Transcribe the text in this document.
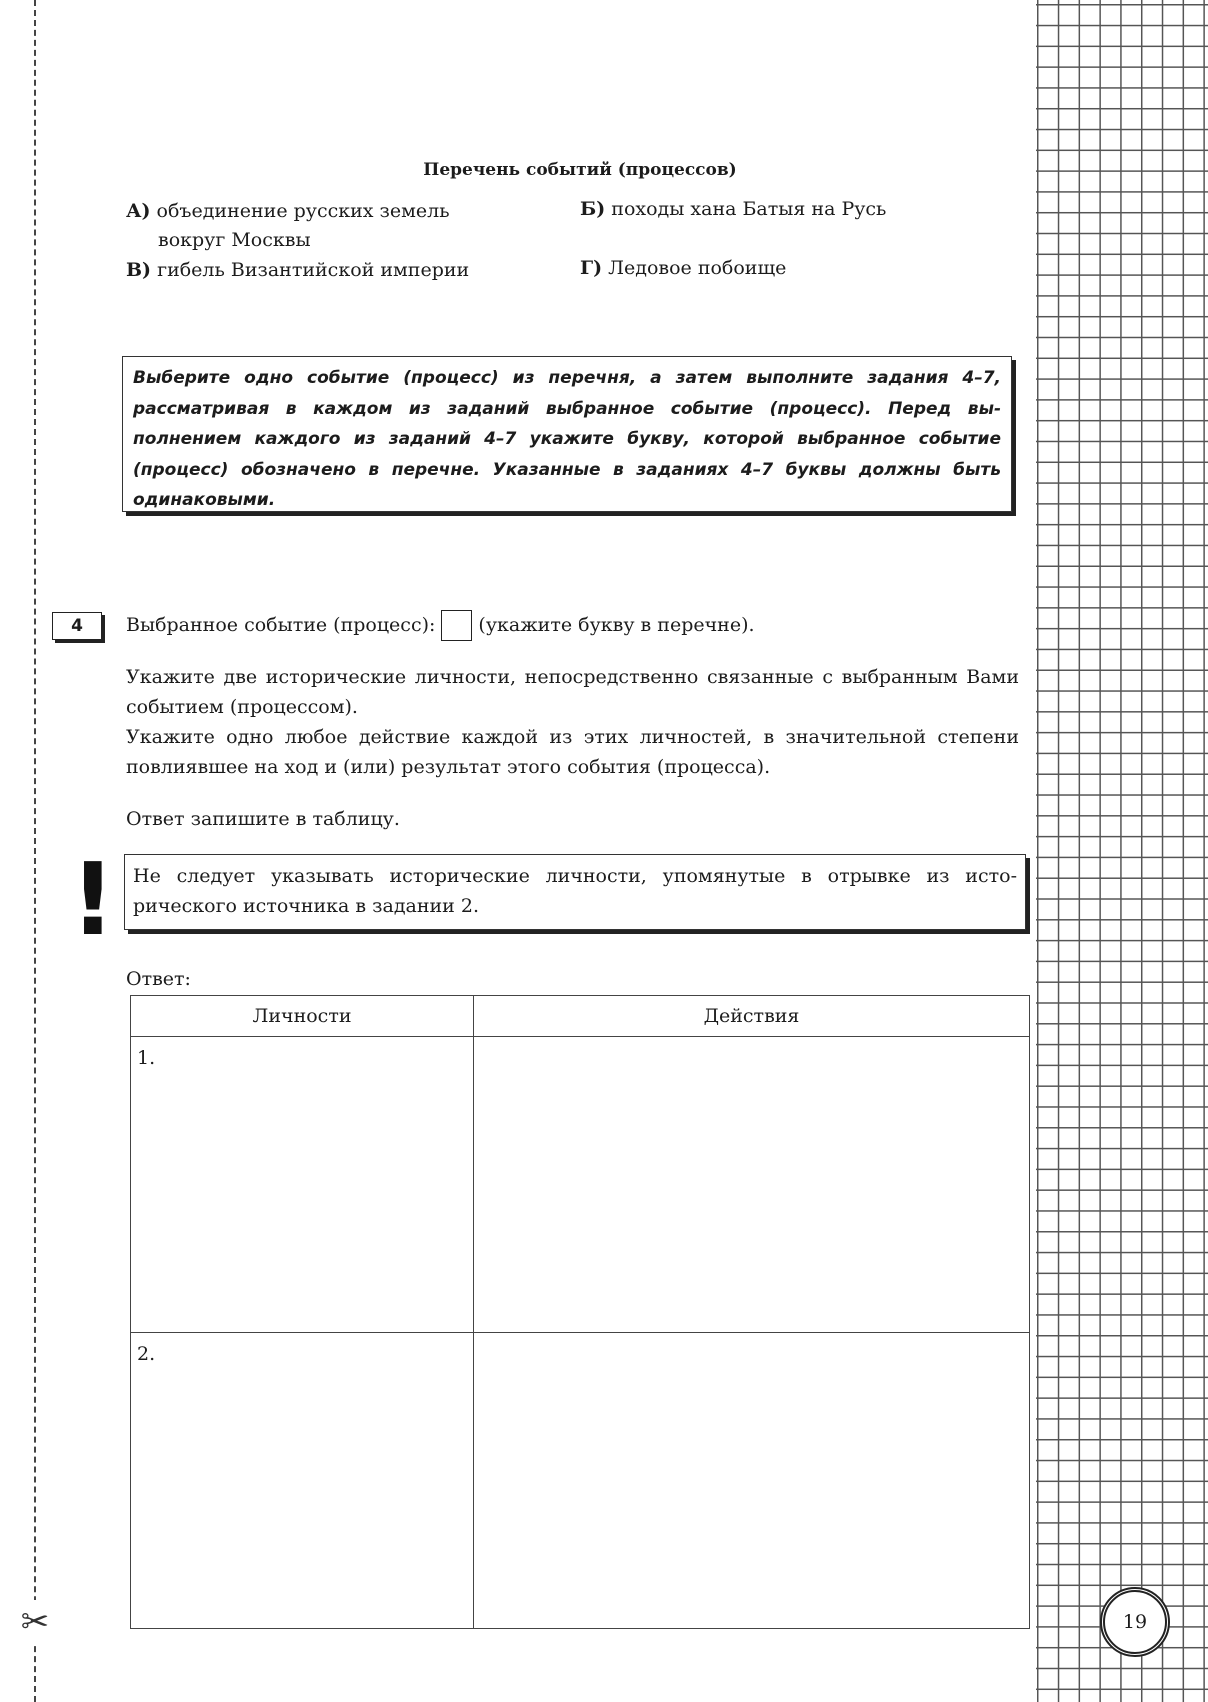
✂	19
Перечень событий (процессов)
А) объединение русских земель
вокруг Москвы
Б) походы хана Батыя на Русь
В) гибель Византийской империи	Г) Ледовое побоище
Выберите одно событие (процесс) из перечня, а затем выполните задания 4–7, рассматривая в каждом из заданий выбранное событие (процесс). Перед выполнением каждого из заданий 4–7 укажите букву, которой выбранное событие (процесс) обозначено в перечне. Указанные в заданиях 4–7 буквы должны быть одинаковыми.
4	Выбранное событие (процесс): (укажите букву в перечне).
Укажите две исторические личности, непосредственно связанные с выбранным Вами событием (процессом).
Укажите одно любое действие каждой из этих личностей, в значительной степени повлиявшее на ход и (или) результат этого события (процесса).
Ответ запишите в таблицу.
! Не следует указывать исторические личности, упомянутые в отрывке из исторического источника в задании 2.
Ответ:
Личности	Действия
1.	
2.	
